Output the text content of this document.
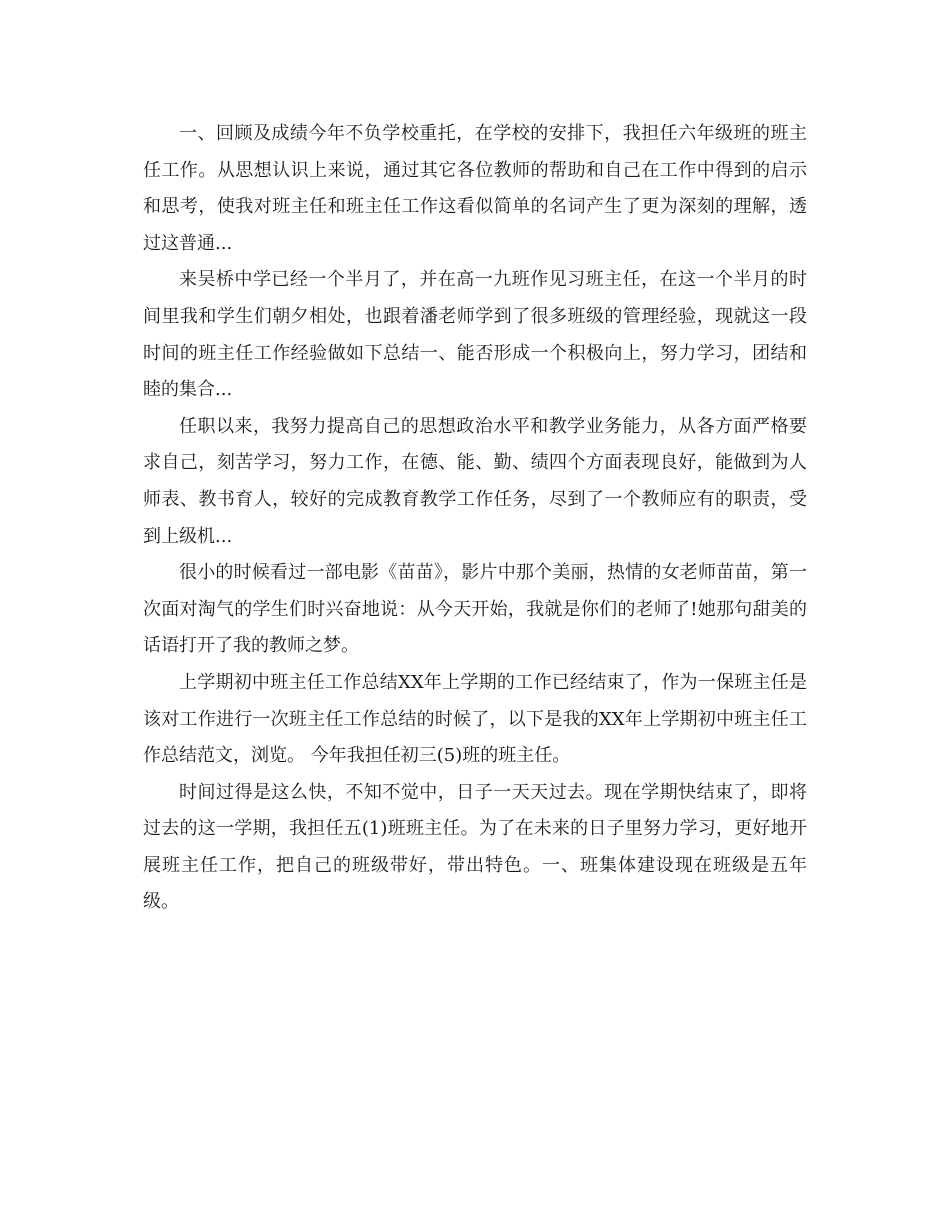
一、回顾及成绩今年不负学校重托，在学校的安排下，我担任六年级班的班主任工作。从思想认识上来说，通过其它各位教师的帮助和自己在工作中得到的启示和思考，使我对班主任和班主任工作这看似简单的名词产生了更为深刻的理解，透过这普通...

来吴桥中学已经一个半月了，并在高一九班作见习班主任，在这一个半月的时间里我和学生们朝夕相处，也跟着潘老师学到了很多班级的管理经验，现就这一段时间的班主任工作经验做如下总结一、能否形成一个积极向上，努力学习，团结和睦的集合...

任职以来，我努力提高自己的思想政治水平和教学业务能力，从各方面严格要求自己，刻苦学习，努力工作，在德、能、勤、绩四个方面表现良好，能做到为人师表、教书育人，较好的完成教育教学工作任务，尽到了一个教师应有的职责，受到上级机...

很小的时候看过一部电影《苗苗》，影片中那个美丽，热情的女老师苗苗，第一次面对淘气的学生们时兴奋地说：从今天开始，我就是你们的老师了!她那句甜美的话语打开了我的教师之梦。

上学期初中班主任工作总结XX年上学期的工作已经结束了，作为一保班主任是该对工作进行一次班主任工作总结的时候了，以下是我的XX年上学期初中班主任工作总结范文，浏览。 今年我担任初三(5)班的班主任。

时间过得是这么快，不知不觉中，日子一天天过去。现在学期快结束了，即将过去的这一学期，我担任五(1)班班主任。为了在未来的日子里努力学习，更好地开展班主任工作，把自己的班级带好，带出特色。一、班集体建设现在班级是五年级。
